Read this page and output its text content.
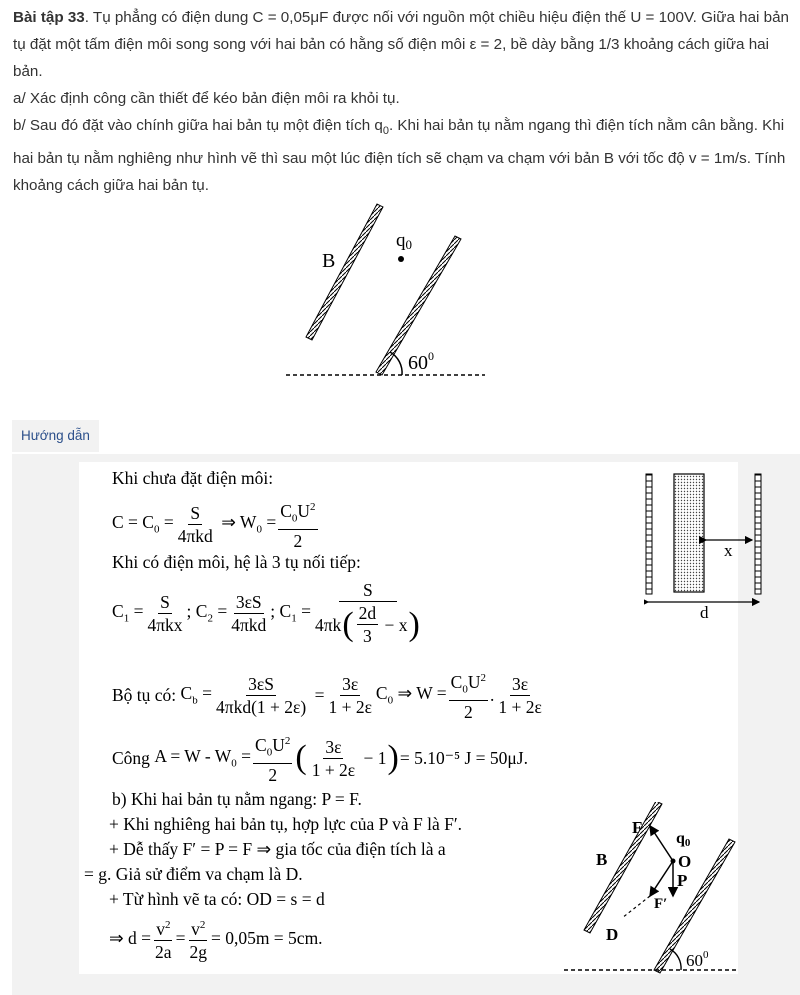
Bài tập 33. Tụ phẳng có điện dung C = 0,05μF được nối với nguồn một chiều hiệu điện thế U = 100V. Giữa hai bản tụ đặt một tấm điện môi song song với hai bản có hằng số điện môi ε = 2, bề dày bằng 1/3 khoảng cách giữa hai bản.

a/ Xác định công cần thiết để kéo bản điện môi ra khỏi tụ.

b/ Sau đó đặt vào chính giữa hai bản tụ một điện tích $q_0$. Khi hai bản tụ nằm ngang thì điện tích nằm cân bằng. Khi hai bản tụ nằm nghiêng như hình vẽ thì sau một lúc điện tích sẽ chạm va chạm với bản B với tốc độ v = 1m/s. Tính khoảng cách giữa hai bản tụ.

B
q0
$60^0$
Hướng dẫn
Khi chưa đặt điện môi:
$C = C_0 = \frac{S}{\text{4πkd}}$ ⇒ $W_0 = \frac{C_0U^2}{2}$
Khi có điện môi, hệ là 3 tụ nối tiếp:
$C_1 = \frac{S}{\text{4πkx}}$ ; $C_2 = \frac{3\varepsilon S}{\text{4πkd}}$ ; $C_1 = \frac{S}{4\pi k ( \frac{2d}{3} - x )}$
Bộ tụ có: $C_b = \frac{3\varepsilon S}{\text{4πkd(1 + 2ε)}} = \frac{3\varepsilon}{1 + 2\varepsilon} C_0$ ⇒ $W = \frac{C_0U^2}{2}$ . $\frac{3\varepsilon}{1 + 2\varepsilon}$
Công $A = W - W_0 = \frac{C_0U^2}{2}$ ( $\frac{3\varepsilon}{1 + 2\varepsilon} - 1$ ) = 5.10⁻⁵ J = 50μJ.
b) Khi hai bản tụ nằm ngang: P = F.
+ Khi nghiêng hai bản tụ, hợp lực của P và F là F′.
+ Dễ thấy F′ = P = F ⇒ gia tốc của điện tích là a
= g. Giả sử điểm va chạm là D.
+ Từ hình vẽ ta có: OD = s = d
⇒ $d = \frac{v^2}{2a} = \frac{v^2}{2g} = 0,05m = 5cm$.
x
d
F
q0
O
B
P
F′
D
$60^0$
